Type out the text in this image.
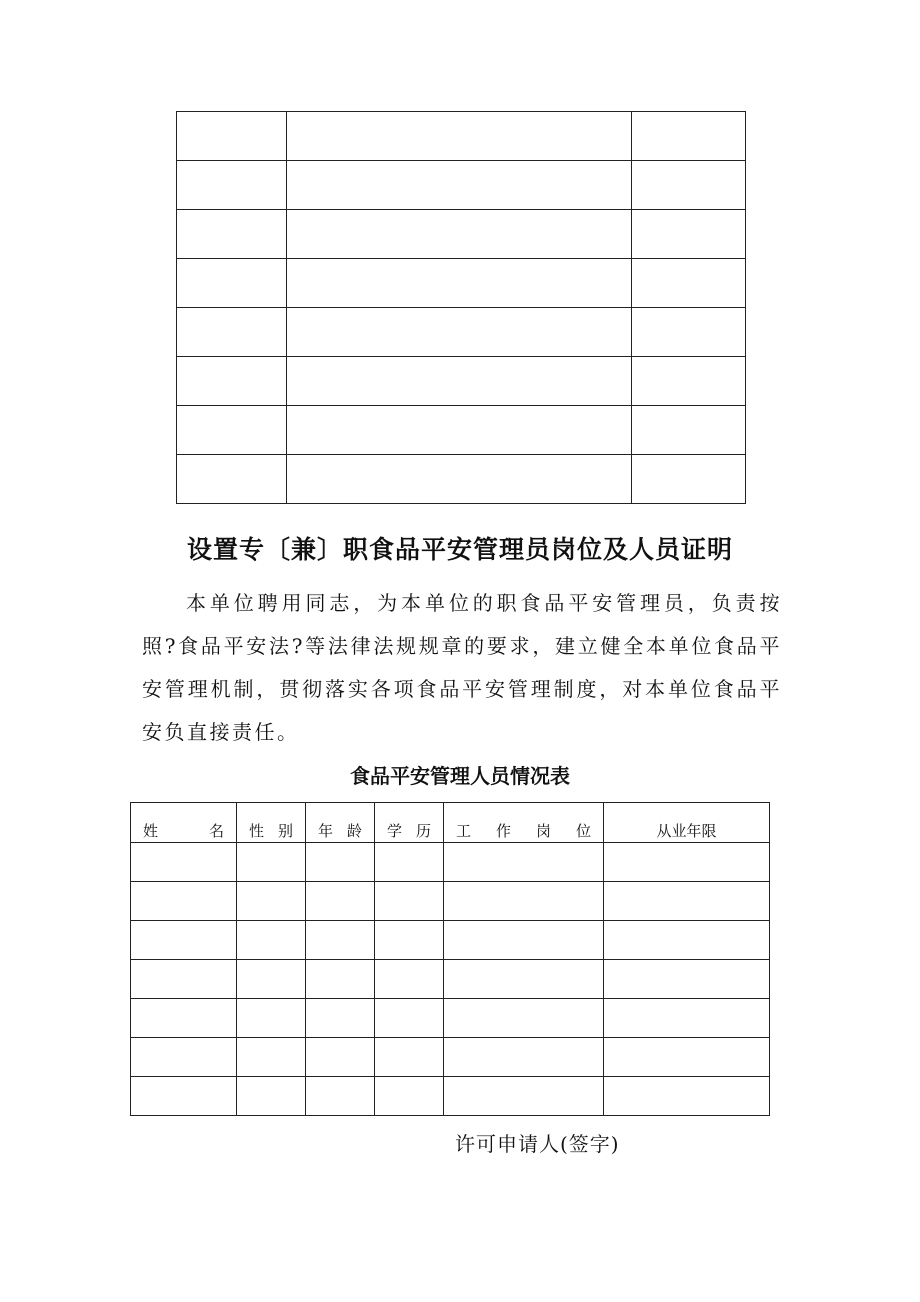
设置专〔兼〕职食品平安管理员岗位及人员证明

本单位聘用同志，为本单位的职食品平安管理员，负责按照?食品平安法?等法律法规规章的要求，建立健全本单位食品平安管理机制，贯彻落实各项食品平安管理制度，对本单位食品平安负直接责任。

食品平安管理人员情况表

姓 名	性 别	年 龄	学 历	工 作 岗 位	从业年限

许可申请人(签字)
